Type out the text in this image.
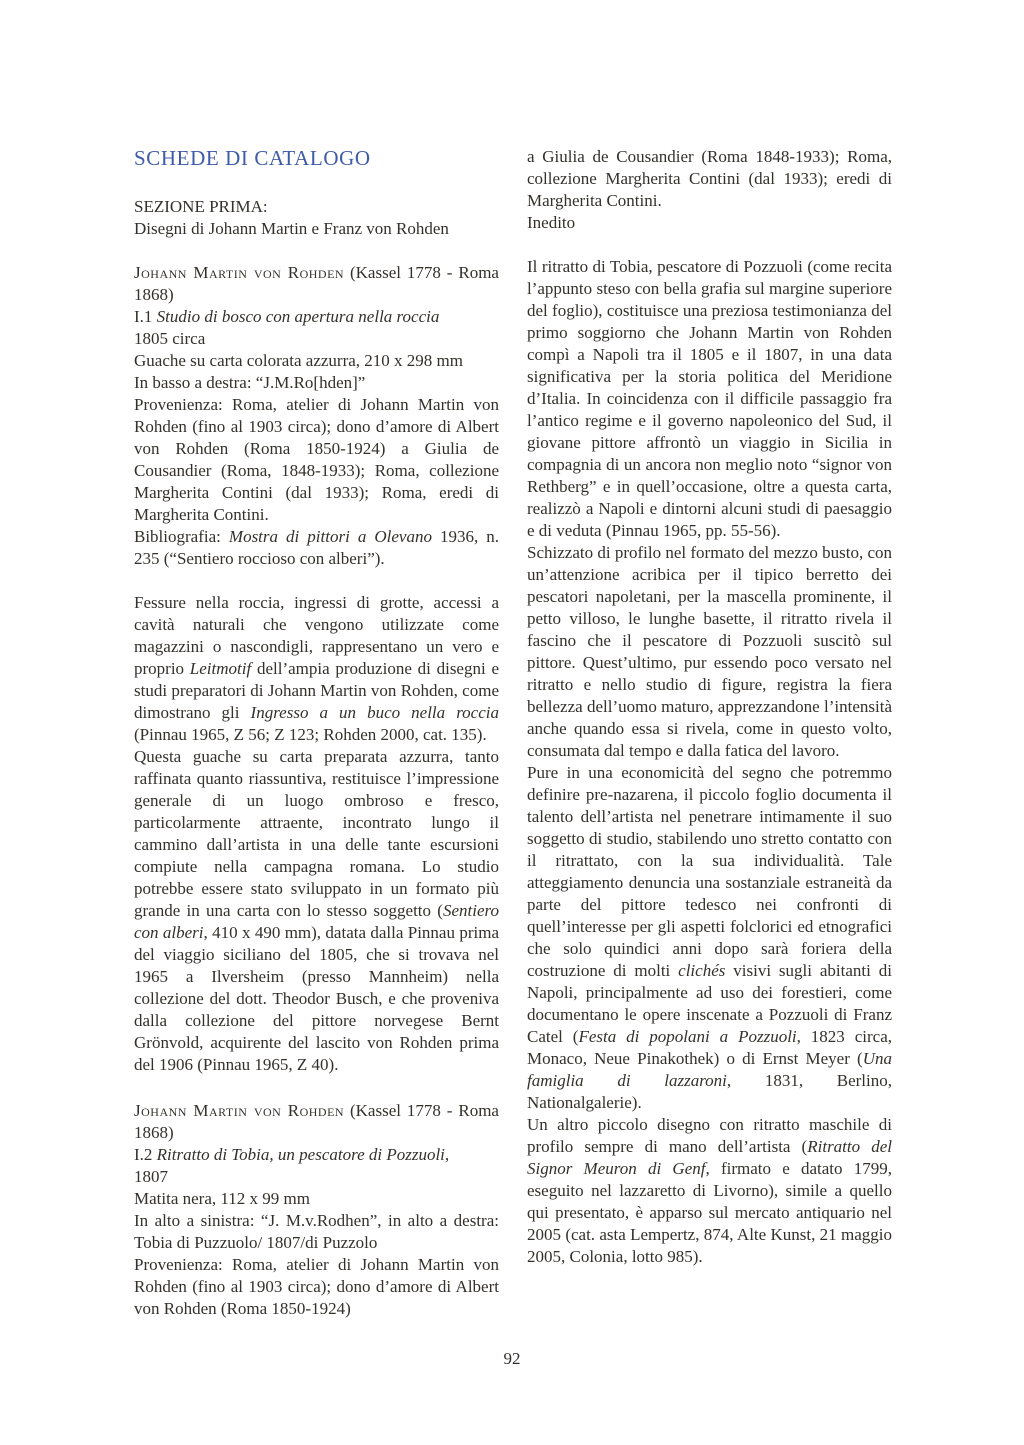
SCHEDE DI CATALOGO
SEZIONE PRIMA:
Disegni di Johann Martin e Franz von Rohden
Johann Martin von Rohden (Kassel 1778 - Roma 1868)
I.1 Studio di bosco con apertura nella roccia
1805 circa
Guache su carta colorata azzurra, 210 x 298 mm
In basso a destra: “J.M.Ro[hden]”
Provenienza: Roma, atelier di Johann Martin von Rohden (fino al 1903 circa); dono d’amore di Albert von Rohden (Roma 1850-1924) a Giulia de Cousandier (Roma, 1848-1933); Roma, collezione Margherita Contini (dal 1933); Roma, eredi di Margherita Contini.
Bibliografia: Mostra di pittori a Olevano 1936, n. 235 (“Sentiero roccioso con alberi”).
Fessure nella roccia, ingressi di grotte, accessi a cavità naturali che vengono utilizzate come magazzini o nascondigli, rappresentano un vero e proprio Leitmotif dell’ampia produzione di disegni e studi preparatori di Johann Martin von Rohden, come dimostrano gli Ingresso a un buco nella roccia (Pinnau 1965, Z 56; Z 123; Rohden 2000, cat. 135).
Questa guache su carta preparata azzurra, tanto raffinata quanto riassuntiva, restituisce l’impressione generale di un luogo ombroso e fresco, particolarmente attraente, incontrato lungo il cammino dall’artista in una delle tante escursioni compiute nella campagna romana. Lo studio potrebbe essere stato sviluppato in un formato più grande in una carta con lo stesso soggetto (Sentiero con alberi, 410 x 490 mm), datata dalla Pinnau prima del viaggio siciliano del 1805, che si trovava nel 1965 a Ilversheim (presso Mannheim) nella collezione del dott. Theodor Busch, e che proveniva dalla collezione del pittore norvegese Bernt Grönvold, acquirente del lascito von Rohden prima del 1906 (Pinnau 1965, Z 40).
Johann Martin von Rohden (Kassel 1778 - Roma 1868)
I.2 Ritratto di Tobia, un pescatore di Pozzuoli,
1807
Matita nera, 112 x 99 mm
In alto a sinistra: “J. M.v.Rodhen”, in alto a destra: Tobia di Puzzuolo/ 1807/di Puzzolo
Provenienza: Roma, atelier di Johann Martin von Rohden (fino al 1903 circa); dono d’amore di Albert von Rohden (Roma 1850-1924)
a Giulia de Cousandier (Roma 1848-1933); Roma, collezione Margherita Contini (dal 1933); eredi di Margherita Contini.
Inedito
Il ritratto di Tobia, pescatore di Pozzuoli (come recita l’appunto steso con bella grafia sul margine superiore del foglio), costituisce una preziosa testimonianza del primo soggiorno che Johann Martin von Rohden compì a Napoli tra il 1805 e il 1807, in una data significativa per la storia politica del Meridione d’Italia. In coincidenza con il difficile passaggio fra l’antico regime e il governo napoleonico del Sud, il giovane pittore affrontò un viaggio in Sicilia in compagnia di un ancora non meglio noto “signor von Rethberg” e in quell’occasione, oltre a questa carta, realizzò a Napoli e dintorni alcuni studi di paesaggio e di veduta (Pinnau 1965, pp. 55-56).
Schizzato di profilo nel formato del mezzo busto, con un’attenzione acribica per il tipico berretto dei pescatori napoletani, per la mascella prominente, il petto villoso, le lunghe basette, il ritratto rivela il fascino che il pescatore di Pozzuoli suscitò sul pittore. Quest’ultimo, pur essendo poco versato nel ritratto e nello studio di figure, registra la fiera bellezza dell’uomo maturo, apprezzandone l’intensità anche quando essa si rivela, come in questo volto, consumata dal tempo e dalla fatica del lavoro.
Pure in una economicità del segno che potremmo definire pre-nazarena, il piccolo foglio documenta il talento dell’artista nel penetrare intimamente il suo soggetto di studio, stabilendo uno stretto contatto con il ritrattato, con la sua individualità. Tale atteggiamento denuncia una sostanziale estraneità da parte del pittore tedesco nei confronti di quell’interesse per gli aspetti folclorici ed etnografici che solo quindici anni dopo sarà foriera della costruzione di molti clichés visivi sugli abitanti di Napoli, principalmente ad uso dei forestieri, come documentano le opere inscenate a Pozzuoli di Franz Catel (Festa di popolani a Pozzuoli, 1823 circa, Monaco, Neue Pinakothek) o di Ernst Meyer (Una famiglia di lazzaroni, 1831, Berlino, Nationalgalerie).
Un altro piccolo disegno con ritratto maschile di profilo sempre di mano dell’artista (Ritratto del Signor Meuron di Genf, firmato e datato 1799, eseguito nel lazzaretto di Livorno), simile a quello qui presentato, è apparso sul mercato antiquario nel 2005 (cat. asta Lempertz, 874, Alte Kunst, 21 maggio 2005, Colonia, lotto 985).
92
